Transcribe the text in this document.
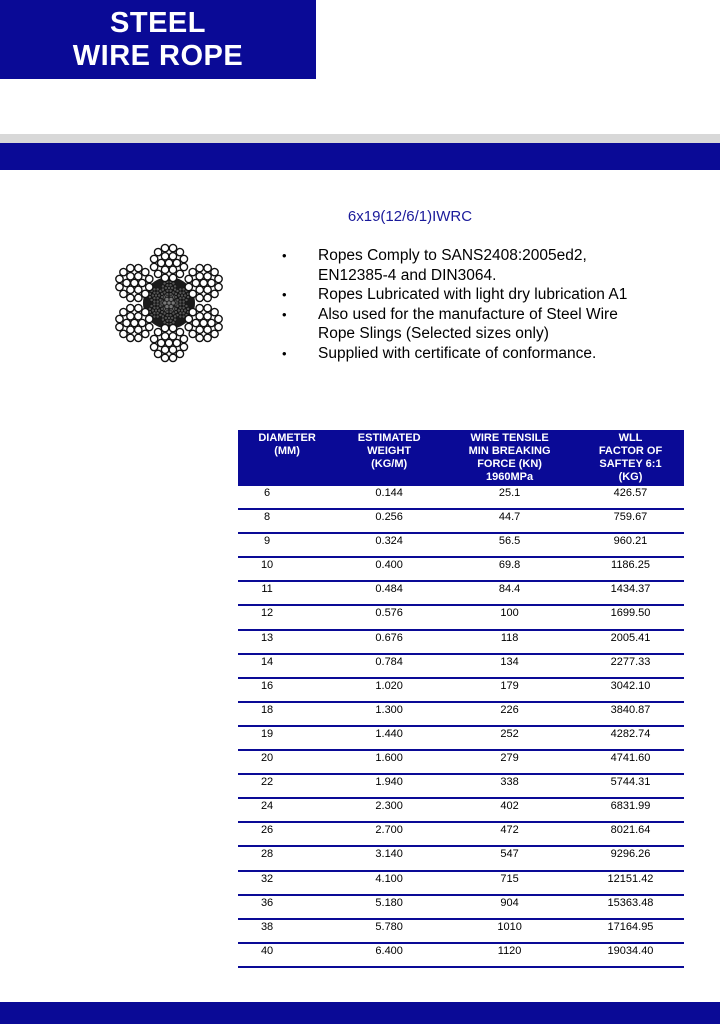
STEEL
WIRE ROPE
6x19(12/6/1)IWRC
• Ropes Comply to SANS2408:2005ed2,
EN12385-4 and DIN3064.
• Ropes Lubricated with light dry lubrication A1
• Also used for the manufacture of Steel Wire
Rope Slings (Selected sizes only)
• Supplied with certificate of conformance.
DIAMETER
(MM)	ESTIMATED
WEIGHT
(KG/M)	WIRE TENSILE
MIN BREAKING
FORCE (KN)
1960MPa	WLL
FACTOR OF
SAFTEY 6:1
(KG)

6	0.144	25.1	426.57
8	0.256	44.7	759.67
9	0.324	56.5	960.21
10	0.400	69.8	1186.25
11	0.484	84.4	1434.37
12	0.576	100	1699.50
13	0.676	118	2005.41
14	0.784	134	2277.33
16	1.020	179	3042.10
18	1.300	226	3840.87
19	1.440	252	4282.74
20	1.600	279	4741.60
22	1.940	338	5744.31
24	2.300	402	6831.99
26	2.700	472	8021.64
28	3.140	547	9296.26
32	4.100	715	12151.42
36	5.180	904	15363.48
38	5.780	1010	17164.95
40	6.400	1120	19034.40
